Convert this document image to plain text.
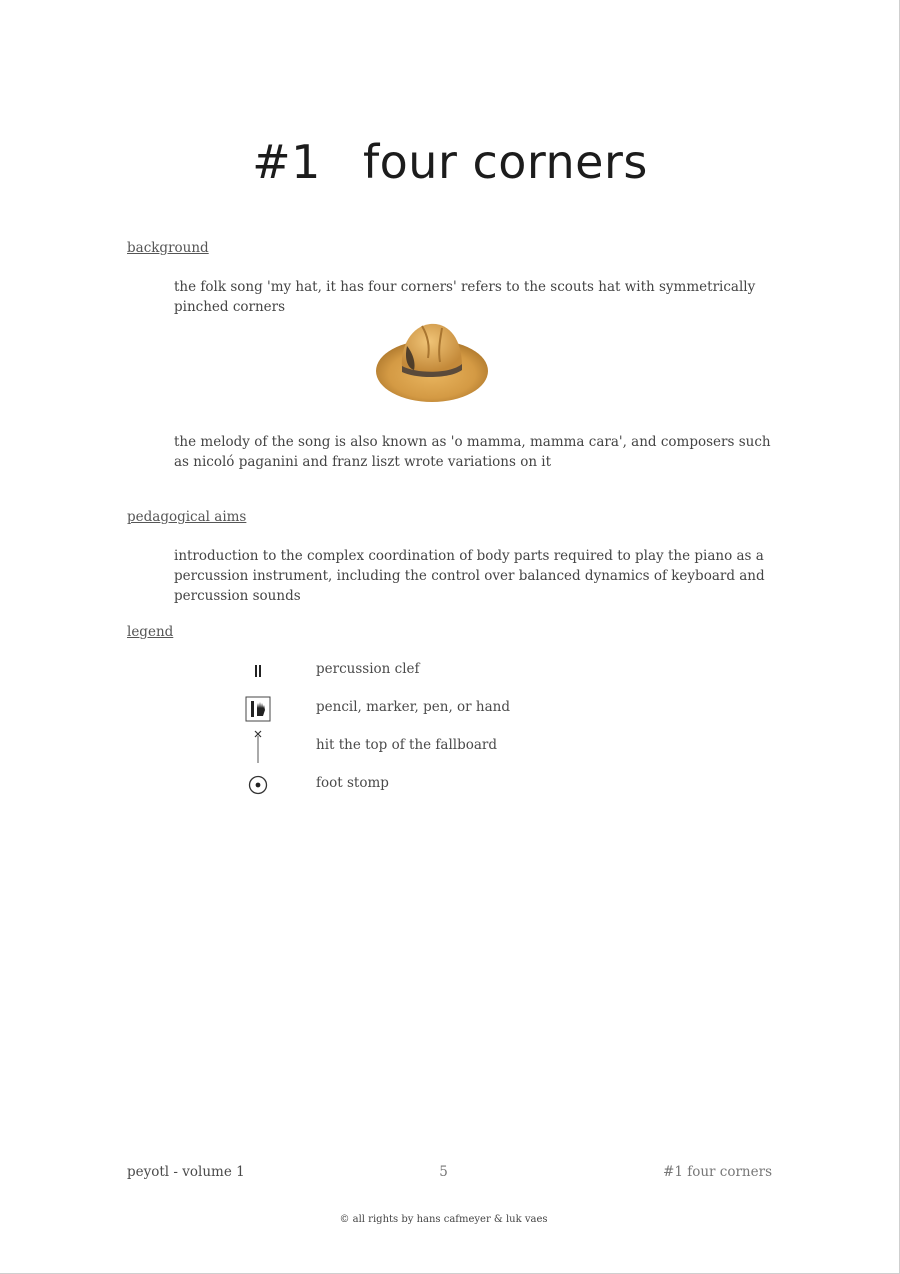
#1 four corners
background
the folk song 'my hat, it has four corners' refers to the scouts hat with symmetrically pinched corners
the melody of the song is also known as 'o mamma, mamma cara', and composers such as nicoló paganini and franz liszt wrote variations on it
pedagogical aims
introduction to the complex coordination of body parts required to play the piano as a percussion instrument, including the control over balanced dynamics of keyboard and percussion sounds
legend
percussion clef
pencil, marker, pen, or hand
hit the top of the fallboard
foot stomp
peyotl - volume 1	5	#1 four corners
© all rights by hans cafmeyer & luk vaes
